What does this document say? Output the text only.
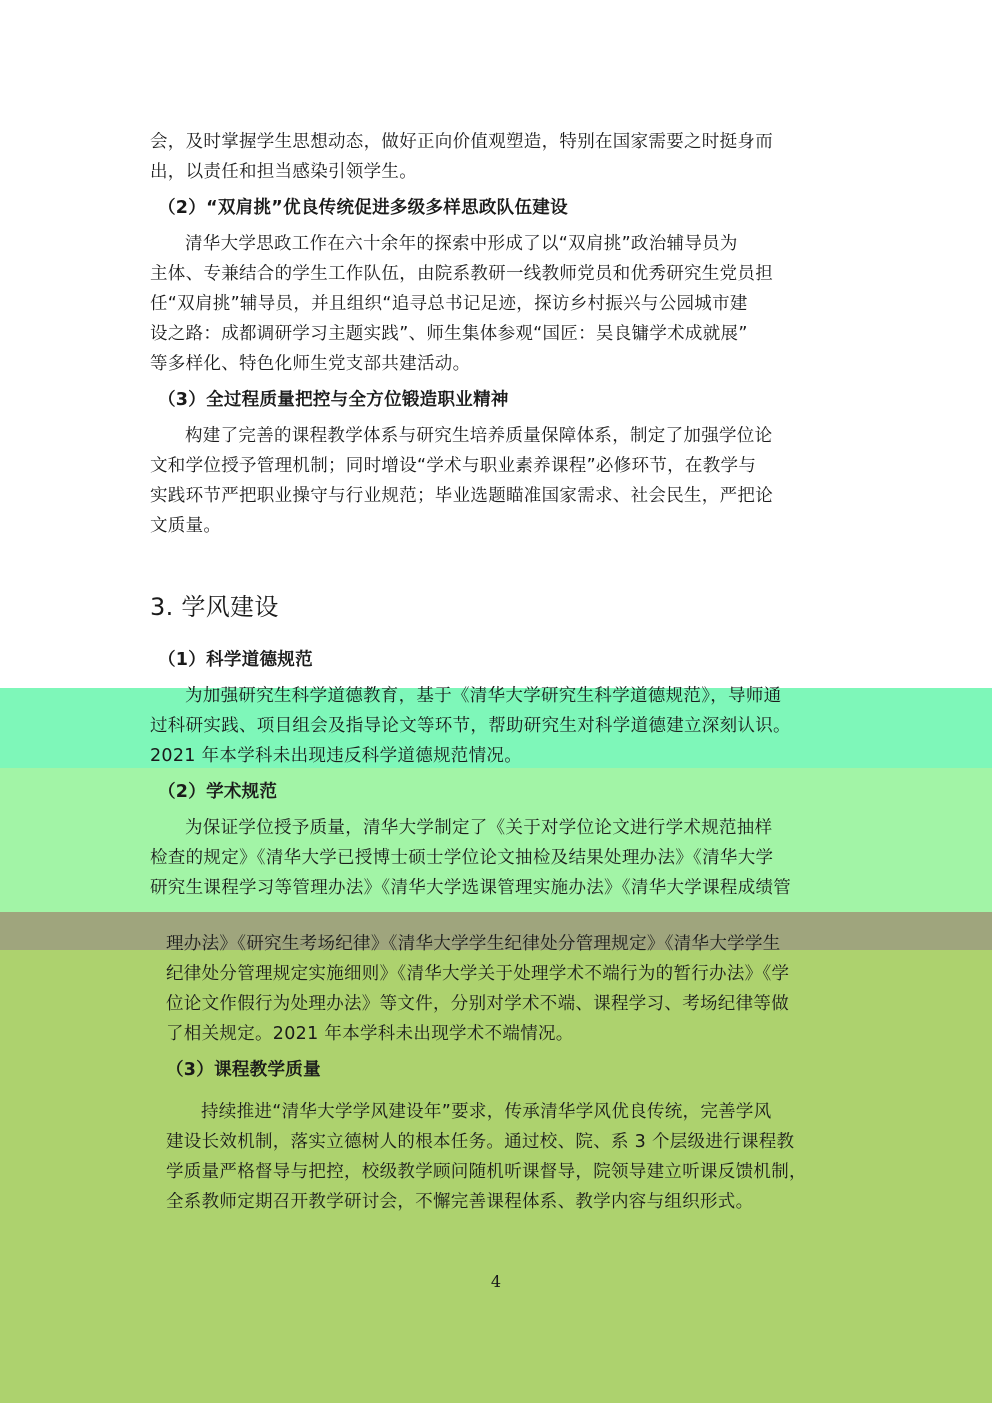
会，及时掌握学生思想动态，做好正向价值观塑造，特别在国家需要之时挺身而

出，以责任和担当感染引领学生。

（2）“双肩挑”优良传统促进多级多样思政队伍建设

清华大学思政工作在六十余年的探索中形成了以“双肩挑”政治辅导员为

主体、专兼结合的学生工作队伍，由院系教研一线教师党员和优秀研究生党员担

任“双肩挑”辅导员，并且组织“追寻总书记足迹，探访乡村振兴与公园城市建

设之路：成都调研学习主题实践”、师生集体参观“国匠：吴良镛学术成就展”

等多样化、特色化师生党支部共建活动。

（3）全过程质量把控与全方位锻造职业精神

构建了完善的课程教学体系与研究生培养质量保障体系，制定了加强学位论

文和学位授予管理机制；同时增设“学术与职业素养课程”必修环节，在教学与

实践环节严把职业操守与行业规范；毕业选题瞄准国家需求、社会民生，严把论

文质量。

3. 学风建设

（1）科学道德规范

为加强研究生科学道德教育，基于《清华大学研究生科学道德规范》，导师通

过科研实践、项目组会及指导论文等环节，帮助研究生对科学道德建立深刻认识。

2021 年本学科未出现违反科学道德规范情况。

（2）学术规范

为保证学位授予质量，清华大学制定了《关于对学位论文进行学术规范抽样

检查的规定》《清华大学已授博士硕士学位论文抽检及结果处理办法》《清华大学

研究生课程学习等管理办法》《清华大学选课管理实施办法》《清华大学课程成绩管

理办法》《研究生考场纪律》《清华大学学生纪律处分管理规定》《清华大学学生

纪律处分管理规定实施细则》《清华大学关于处理学术不端行为的暂行办法》《学

位论文作假行为处理办法》等文件，分别对学术不端、课程学习、考场纪律等做

了相关规定。2021 年本学科未出现学术不端情况。

（3）课程教学质量

持续推进“清华大学学风建设年”要求，传承清华学风优良传统，完善学风

建设长效机制，落实立德树人的根本任务。通过校、院、系 3 个层级进行课程教

学质量严格督导与把控，校级教学顾问随机听课督导，院领导建立听课反馈机制，

全系教师定期召开教学研讨会，不懈完善课程体系、教学内容与组织形式。

4
